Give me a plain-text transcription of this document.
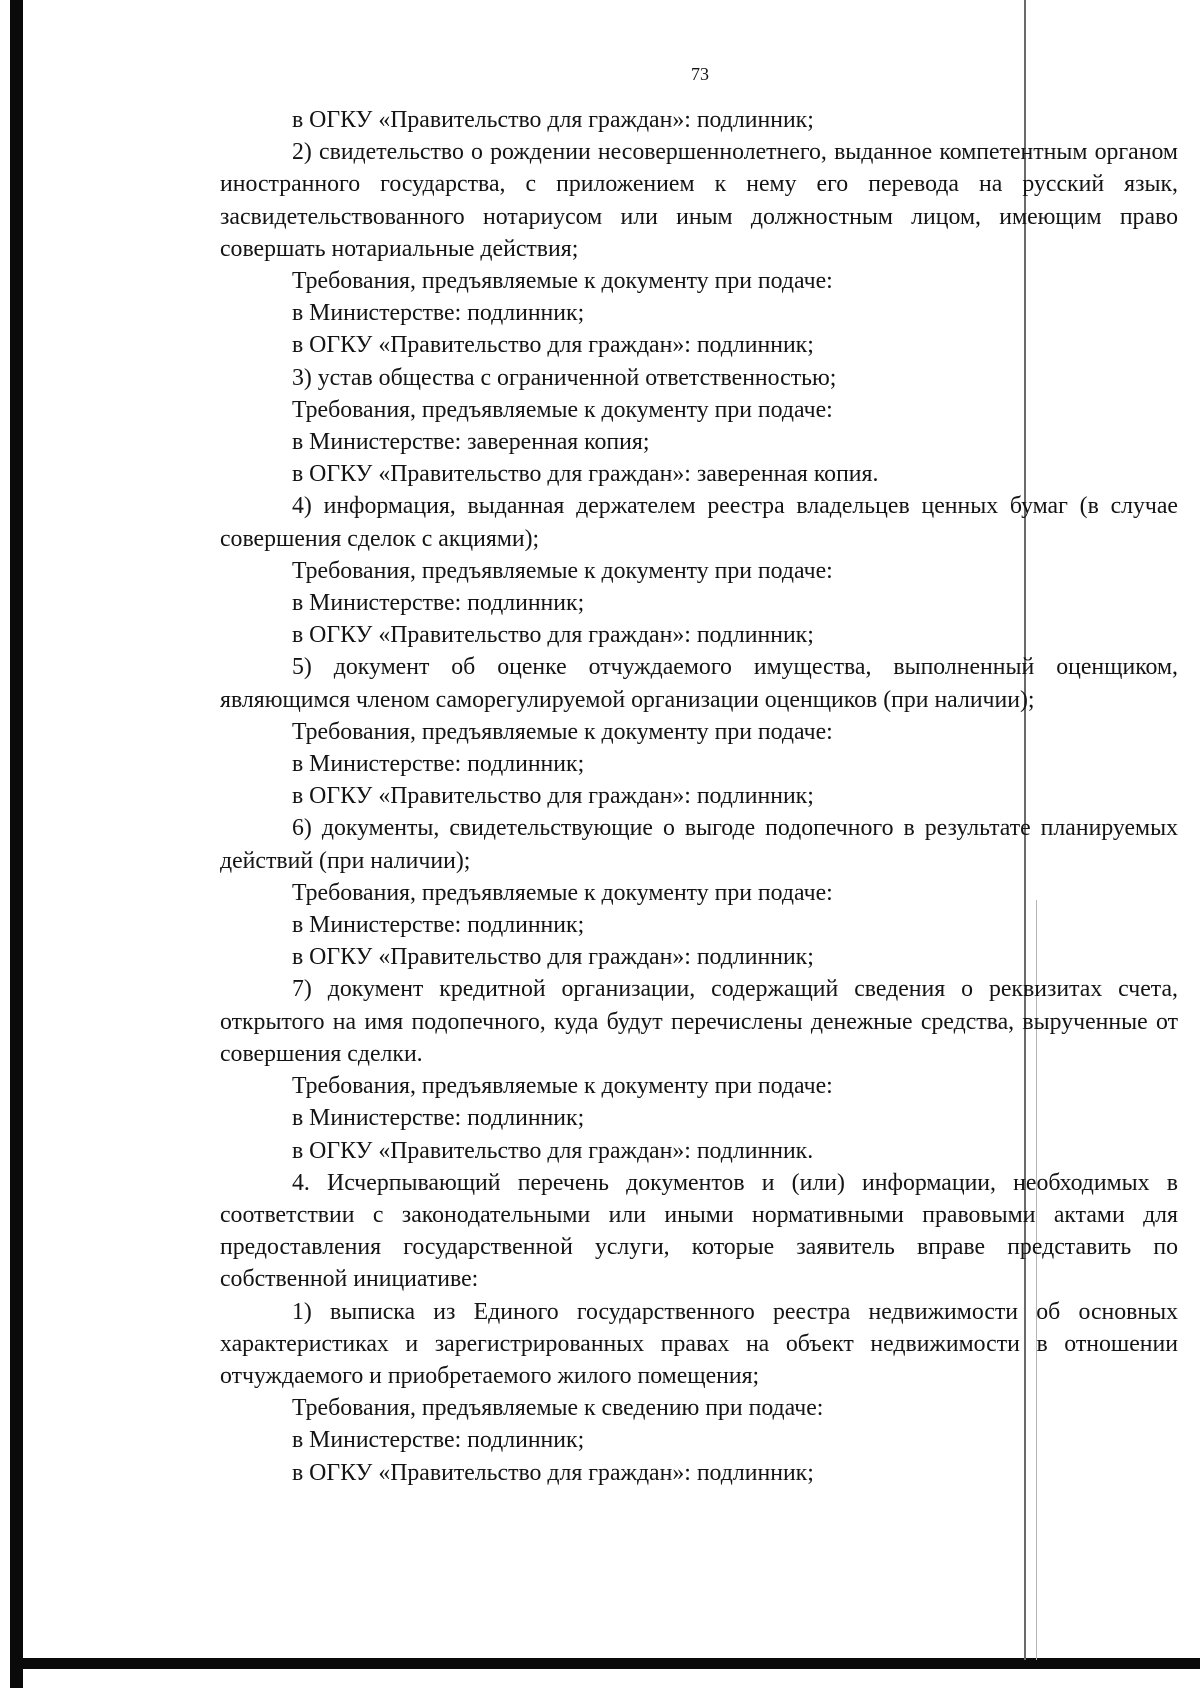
73

в ОГКУ «Правительство для граждан»: подлинник;

2) свидетельство о рождении несовершеннолетнего, выданное компетентным органом иностранного государства, с приложением к нему его перевода на русский язык, засвидетельствованного нотариусом или иным должностным лицом, имеющим право совершать нотариальные действия;

Требования, предъявляемые к документу при подаче:

в Министерстве: подлинник;

в ОГКУ «Правительство для граждан»: подлинник;

3) устав общества с ограниченной ответственностью;

Требования, предъявляемые к документу при подаче:

в Министерстве: заверенная копия;

в ОГКУ «Правительство для граждан»: заверенная копия.

4) информация, выданная держателем реестра владельцев ценных бумаг (в случае совершения сделок с акциями);

Требования, предъявляемые к документу при подаче:

в Министерстве: подлинник;

в ОГКУ «Правительство для граждан»: подлинник;

5) документ об оценке отчуждаемого имущества, выполненный оценщиком, являющимся членом саморегулируемой организации оценщиков (при наличии);

Требования, предъявляемые к документу при подаче:

в Министерстве: подлинник;

в ОГКУ «Правительство для граждан»: подлинник;

6) документы, свидетельствующие о выгоде подопечного в результате планируемых действий (при наличии);

Требования, предъявляемые к документу при подаче:

в Министерстве: подлинник;

в ОГКУ «Правительство для граждан»: подлинник;

7) документ кредитной организации, содержащий сведения о реквизитах счета, открытого на имя подопечного, куда будут перечислены денежные средства, вырученные от совершения сделки.

Требования, предъявляемые к документу при подаче:

в Министерстве: подлинник;

в ОГКУ «Правительство для граждан»: подлинник.

4. Исчерпывающий перечень документов и (или) информации, необходимых в соответствии с законодательными или иными нормативными правовыми актами для предоставления государственной услуги, которые заявитель вправе представить по собственной инициативе:

1) выписка из Единого государственного реестра недвижимости об основных характеристиках и зарегистрированных правах на объект недвижимости в отношении отчуждаемого и приобретаемого жилого помещения;

Требования, предъявляемые к сведению при подаче:

в Министерстве: подлинник;

в ОГКУ «Правительство для граждан»: подлинник;
